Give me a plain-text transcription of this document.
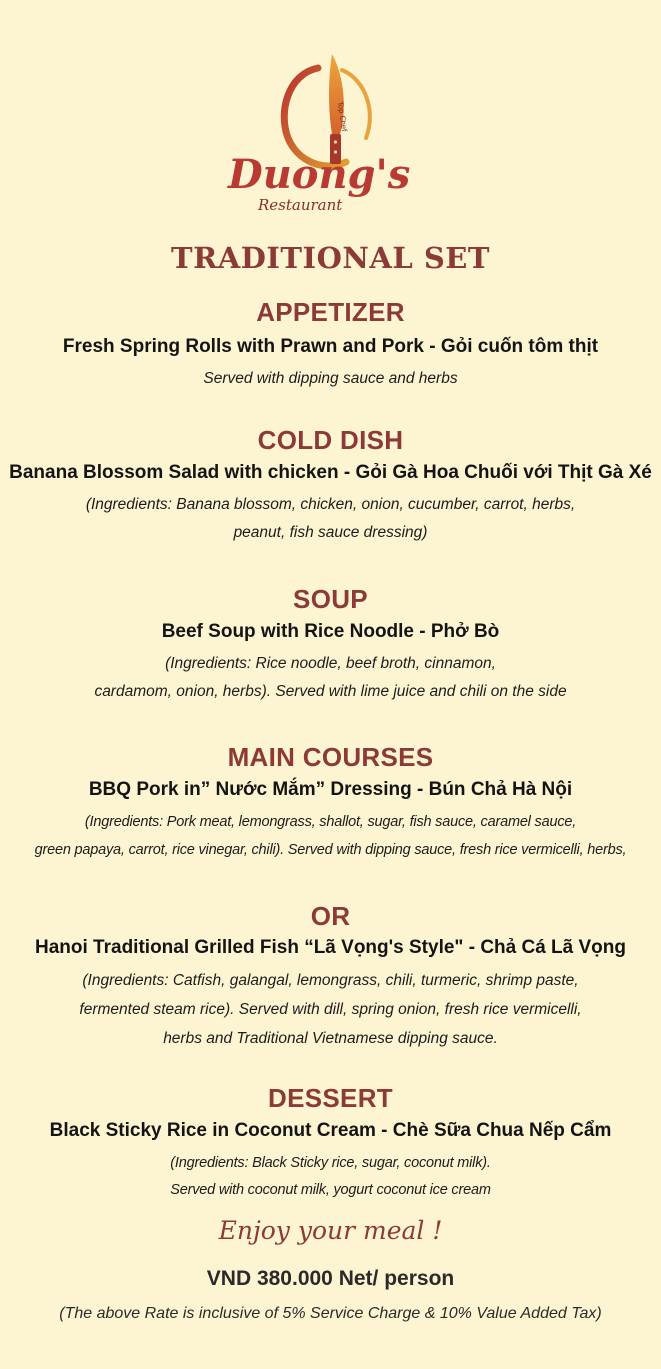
Top Chef
Duong's
Restaurant
TRADITIONAL SET
APPETIZER
Fresh Spring Rolls with Prawn and Pork - Gỏi cuốn tôm thịt
Served with dipping sauce and herbs
COLD DISH
Banana Blossom Salad with chicken - Gỏi Gà Hoa Chuối với Thịt Gà Xé
(Ingredients: Banana blossom, chicken, onion, cucumber, carrot, herbs,
peanut, fish sauce dressing)
SOUP
Beef Soup with Rice Noodle - Phở Bò
(Ingredients: Rice noodle, beef broth, cinnamon,
cardamom, onion, herbs). Served with lime juice and chili on the side
MAIN COURSES
BBQ Pork in” Nước Mắm” Dressing - Bún Chả Hà Nội
(Ingredients: Pork meat, lemongrass, shallot, sugar, fish sauce, caramel sauce,
green papaya, carrot, rice vinegar, chili). Served with dipping sauce, fresh rice vermicelli, herbs,
OR
Hanoi Traditional Grilled Fish “Lã Vọng's Style" - Chả Cá Lã Vọng
(Ingredients: Catfish, galangal, lemongrass, chili, turmeric, shrimp paste,
fermented steam rice). Served with dill, spring onion, fresh rice vermicelli,
herbs and Traditional Vietnamese dipping sauce.
DESSERT
Black Sticky Rice in Coconut Cream - Chè Sữa Chua Nếp Cẩm
(Ingredients: Black Sticky rice, sugar, coconut milk).
Served with coconut milk, yogurt coconut ice cream
Enjoy your meal !
VND 380.000 Net/ person
(The above Rate is inclusive of 5% Service Charge & 10% Value Added Tax)
